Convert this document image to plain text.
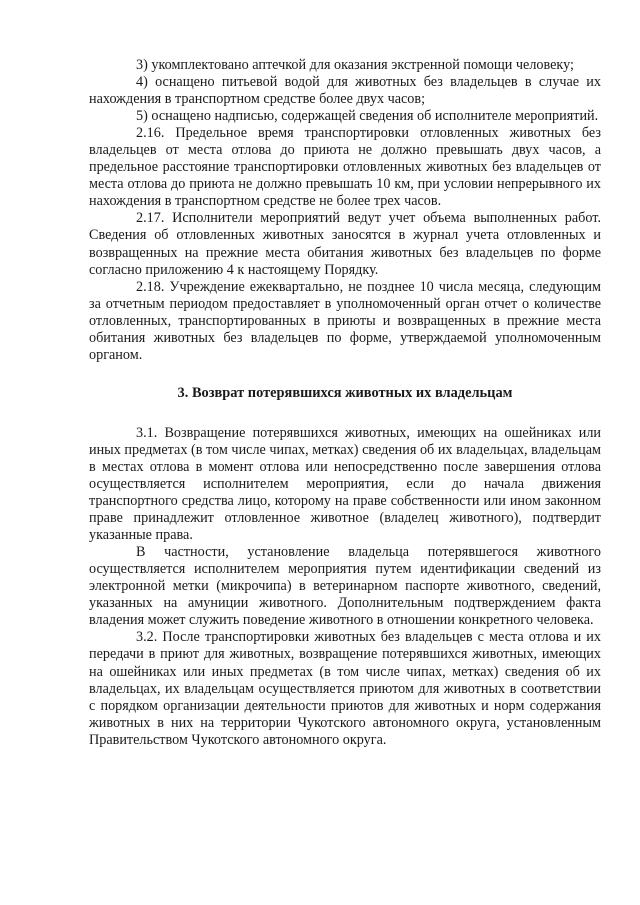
3) укомплектовано аптечкой для оказания экстренной помощи человеку;

4) оснащено питьевой водой для животных без владельцев в случае их нахождения в транспортном средстве более двух часов;

5) оснащено надписью, содержащей сведения об исполнителе мероприятий.

2.16. Предельное время транспортировки отловленных животных без владельцев от места отлова до приюта не должно превышать двух часов, а предельное расстояние транспортировки отловленных животных без владельцев от места отлова до приюта не должно превышать 10 км, при условии непрерывного их нахождения в транспортном средстве не более трех часов.

2.17. Исполнители мероприятий ведут учет объема выполненных работ. Сведения об отловленных животных заносятся в журнал учета отловленных и возвращенных на прежние места обитания животных без владельцев по форме согласно приложению 4 к настоящему Порядку.

2.18. Учреждение ежеквартально, не позднее 10 числа месяца, следующим за отчетным периодом предоставляет в уполномоченный орган отчет о количестве отловленных, транспортированных в приюты и возвращенных в прежние места обитания животных без владельцев по форме, утверждаемой уполномоченным органом.

3. Возврат потерявшихся животных их владельцам

3.1. Возвращение потерявшихся животных, имеющих на ошейниках или иных предметах (в том числе чипах, метках) сведения об их владельцах, владельцам в местах отлова в момент отлова или непосредственно после завершения отлова осуществляется исполнителем мероприятия, если до начала движения транспортного средства лицо, которому на праве собственности или ином законном праве принадлежит отловленное животное (владелец животного), подтвердит указанные права.

В частности, установление владельца потерявшегося животного осуществляется исполнителем мероприятия путем идентификации сведений из электронной метки (микрочипа) в ветеринарном паспорте животного, сведений, указанных на амуниции животного. Дополнительным подтверждением факта владения может служить поведение животного в отношении конкретного человека.

3.2. После транспортировки животных без владельцев с места отлова и их передачи в приют для животных, возвращение потерявшихся животных, имеющих на ошейниках или иных предметах (в том числе чипах, метках) сведения об их владельцах, их владельцам осуществляется приютом для животных в соответствии с порядком организации деятельности приютов для животных и норм содержания животных в них на территории Чукотского автономного округа, установленным Правительством Чукотского автономного округа.
